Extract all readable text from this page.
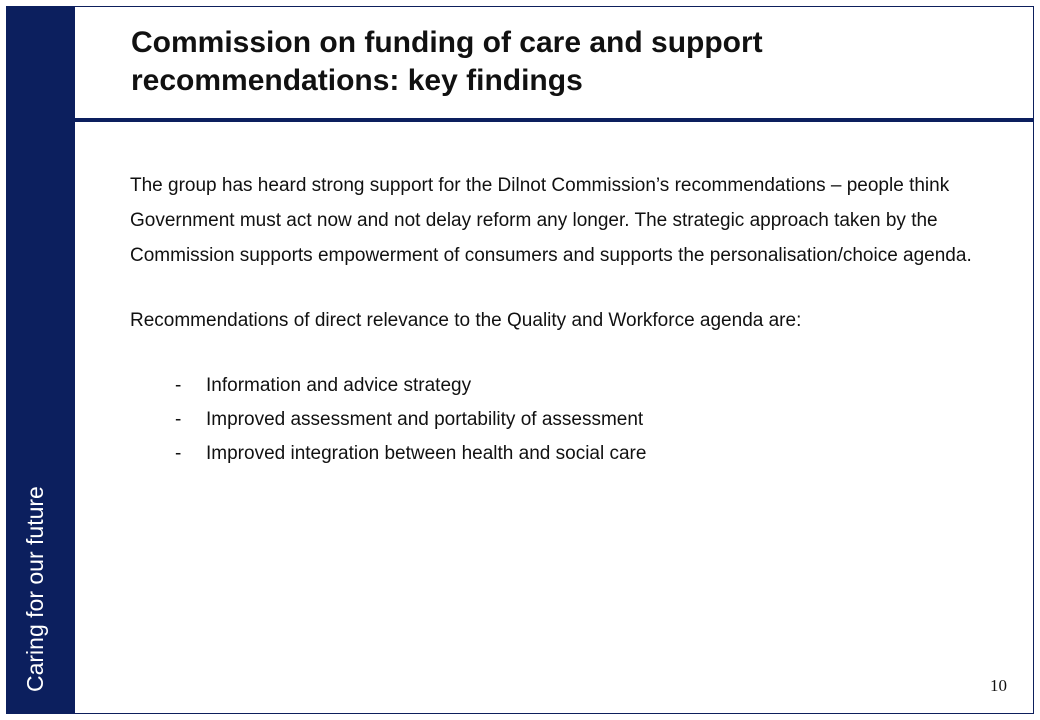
Caring for our future
Commission on funding of care and support
recommendations: key findings

The group has heard strong support for the Dilnot Commission’s recommendations – people think Government must act now and not delay reform any longer. The strategic approach taken by the Commission supports empowerment of consumers and supports the personalisation/choice agenda.

Recommendations of direct relevance to the Quality and Workforce agenda are:

-	Information and advice strategy
-	Improved assessment and portability of assessment
-	Improved integration between health and social care
10
